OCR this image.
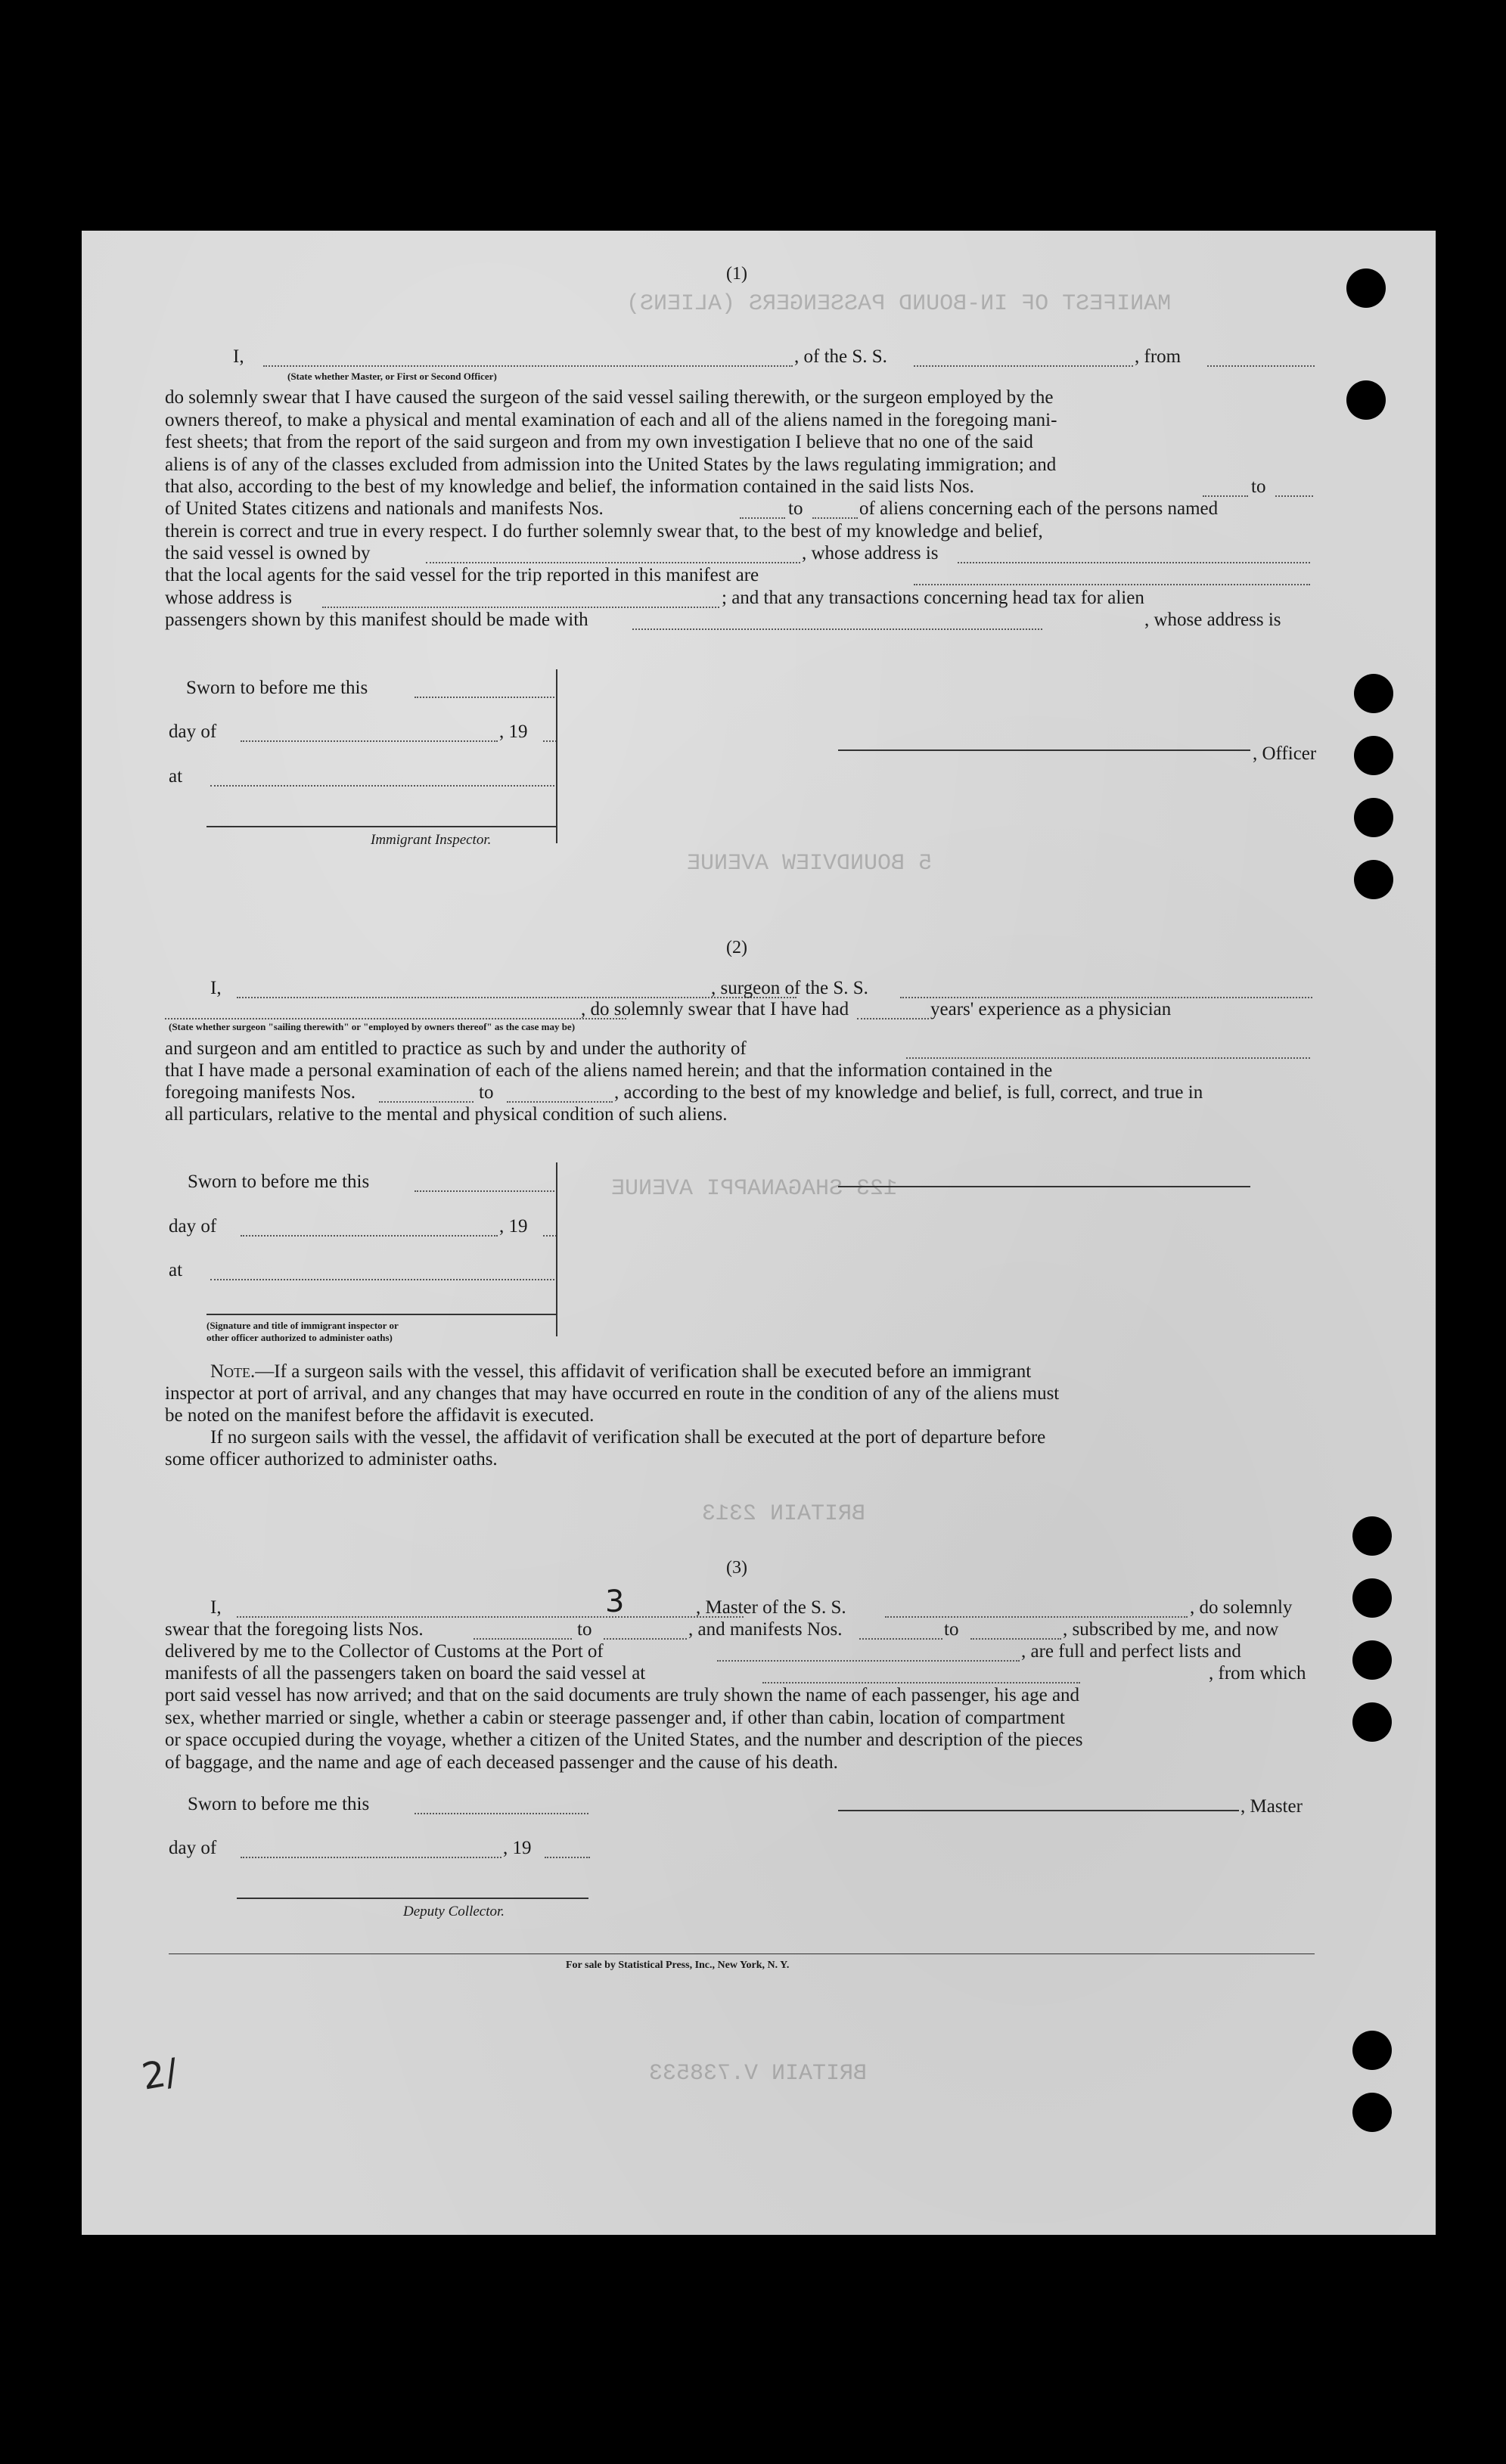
MANIFEST OF IN-BOUND PASSENGERS (ALIENS)
5 BOUNDVIEW AVENUE
123 SHAGANAPPI AVENUE
BRITAIN 2313
BRITAIN V.738533
(1)
I,	, of the S. S.	, from
(State whether Master, or First or Second Officer)
do solemnly swear that I have caused the surgeon of the said vessel sailing therewith, or the surgeon employed by the
owners thereof, to make a physical and mental examination of each and all of the aliens named in the foregoing mani-
fest sheets; that from the report of the said surgeon and from my own investigation I believe that no one of the said
aliens is of any of the classes excluded from admission into the United States by the laws regulating immigration; and
that also, according to the best of my knowledge and belief, the information contained in the said lists Nos.	to
of United States citizens and nationals and manifests Nos.	to	of aliens concerning each of the persons named
therein is correct and true in every respect. I do further solemnly swear that, to the best of my knowledge and belief,
the said vessel is owned by	, whose address is
that the local agents for the said vessel for the trip reported in this manifest are
whose address is	; and that any transactions concerning head tax for alien
passengers shown by this manifest should be made with	, whose address is
Sworn to before me this
day of	, 19
at
Immigrant Inspector.
, Officer
(2)
I,	, surgeon of the S. S.
, do solemnly swear that I have had	years' experience as a physician
(State whether surgeon "sailing therewith" or "employed by owners thereof" as the case may be)
and surgeon and am entitled to practice as such by and under the authority of
that I have made a personal examination of each of the aliens named herein; and that the information contained in the
foregoing manifests Nos.	to	, according to the best of my knowledge and belief, is full, correct, and true in
all particulars, relative to the mental and physical condition of such aliens.
Sworn to before me this
day of	, 19
at
(Signature and title of immigrant inspector or
other officer authorized to administer oaths)
Note.—If a surgeon sails with the vessel, this affidavit of verification shall be executed before an immigrant
inspector at port of arrival, and any changes that may have occurred en route in the condition of any of the aliens must
be noted on the manifest before the affidavit is executed.
If no surgeon sails with the vessel, the affidavit of verification shall be executed at the port of departure before
some officer authorized to administer oaths.
(3)
I,	3	, Master of the S. S.	, do solemnly
swear that the foregoing lists Nos.	to	, and manifests Nos.	to	, subscribed by me, and now
delivered by me to the Collector of Customs at the Port of	, are full and perfect lists and
manifests of all the passengers taken on board the said vessel at	, from which
port said vessel has now arrived; and that on the said documents are truly shown the name of each passenger, his age and
sex, whether married or single, whether a cabin or steerage passenger and, if other than cabin, location of compartment
or space occupied during the voyage, whether a citizen of the United States, and the number and description of the pieces
of baggage, and the name and age of each deceased passenger and the cause of his death.
Sworn to before me this
day of	, 19
Deputy Collector.
, Master
For sale by Statistical Press, Inc., New York, N. Y.
2/
